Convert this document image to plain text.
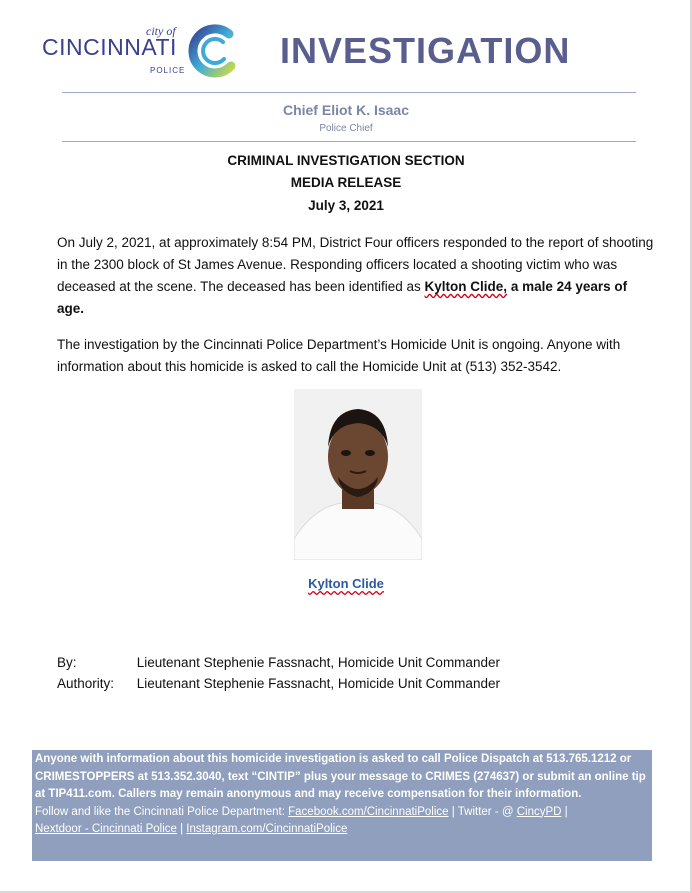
city of
CINCINNATI
POLICE	INVESTIGATION
Chief Eliot K. Isaac
Police Chief
CRIMINAL INVESTIGATION SECTION
MEDIA RELEASE
July 3, 2021
On July 2, 2021, at approximately 8:54 PM, District Four officers responded to the report of shooting in the 2300 block of St James Avenue. Responding officers located a shooting victim who was deceased at the scene. The deceased has been identified as Kylton Clide, a male 24 years of age.
The investigation by the Cincinnati Police Department’s Homicide Unit is ongoing. Anyone with information about this homicide is asked to call the Homicide Unit at (513) 352-3542.
Kylton Clide
By:	Lieutenant Stephenie Fassnacht, Homicide Unit Commander
Authority: Lieutenant Stephenie Fassnacht, Homicide Unit Commander
Anyone with information about this homicide investigation is asked to call Police Dispatch at 513.765.1212 or CRIMESTOPPERS at 513.352.3040, text “CINTIP” plus your message to CRIMES (274637) or submit an online tip at TIP411.com. Callers may remain anonymous and may receive compensation for their information.
Follow and like the Cincinnati Police Department: Facebook.com/CincinnatiPolice | Twitter - @ CincyPD |
Nextdoor - Cincinnati Police | Instagram.com/CincinnatiPolice
